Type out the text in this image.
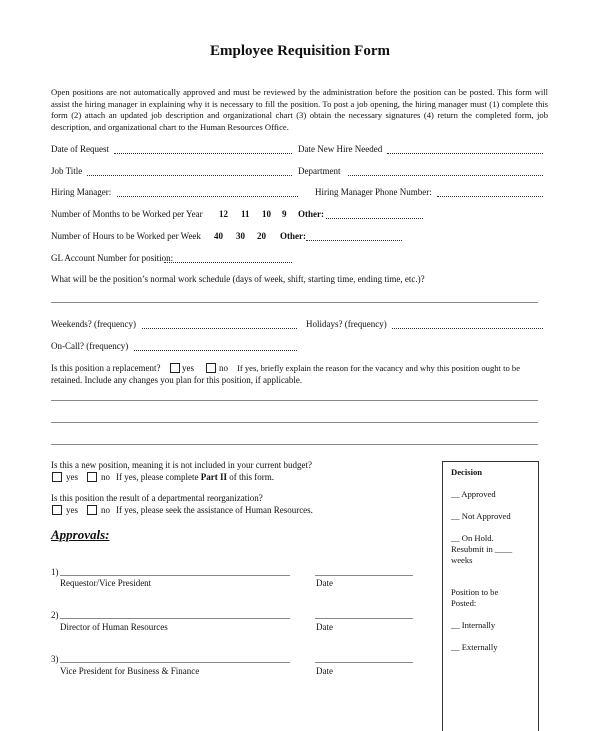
Employee Requisition Form
Open positions are not automatically approved and must be reviewed by the administration before the position can be posted. This form will assist the hiring manager in explaining why it is necessary to fill the position. To post a job opening, the hiring manager must (1) complete this form (2) attach an updated job description and organizational chart (3) obtain the necessary signatures (4) return the completed form, job description, and organizational chart to the Human Resources Office.
Date of Request	Date New Hire Needed
Job Title	Department
Hiring Manager:	Hiring Manager Phone Number:
Number of Months to be Worked per Year 12 11 10 9 Other:
Number of Hours to be Worked per Week 40 30 20 Other:
GL Account Number for position:
What will be the position’s normal work schedule (days of week, shift, starting time, ending time, etc.)?
Weekends? (frequency)	Holidays? (frequency)
On-Call? (frequency)
Is this position a replacement? yes	no If yes, briefly explain the reason for the vacancy and why this position ought to be
retained. Include any changes you plan for this position, if applicable.
Is this a new position, meaning it is not included in your current budget?
yes	no If yes, please complete Part II of this form.
Is this position the result of a departmental reorganization?
yes	no If yes, please seek the assistance of Human Resources.
Approvals:
1)
Requestor/Vice President	Date
2)
Director of Human Resources	Date
3)
Vice President for Business & Finance	Date
Decision
__ Approved
__ Not Approved
__ On Hold.
Resubmit in ____
weeks
Position to be
Posted:
__ Internally
__ Externally
